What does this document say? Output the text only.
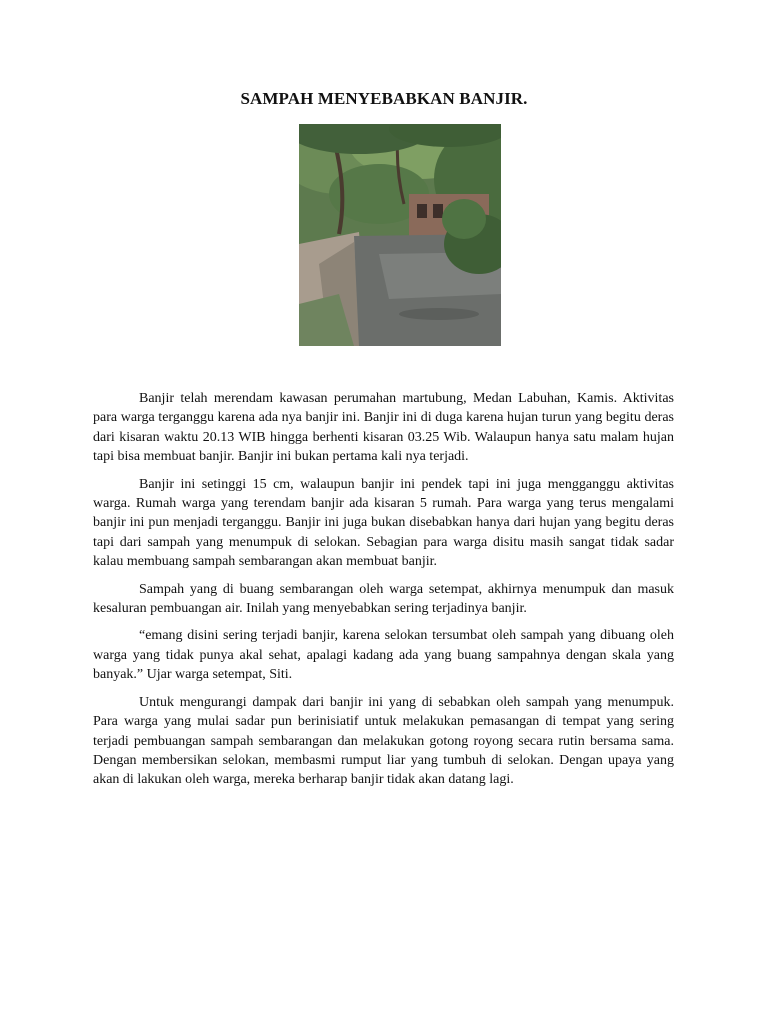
SAMPAH MENYEBABKAN BANJIR.

Banjir telah merendam kawasan perumahan martubung, Medan Labuhan, Kamis. Aktivitas para warga terganggu karena ada nya banjir ini. Banjir ini di duga karena hujan turun yang begitu deras dari kisaran waktu 20.13 WIB hingga berhenti kisaran 03.25 Wib. Walaupun hanya satu malam hujan tapi bisa membuat banjir. Banjir ini bukan pertama kali nya terjadi.

Banjir ini setinggi 15 cm, walaupun banjir ini pendek tapi ini juga mengganggu aktivitas warga. Rumah warga yang terendam banjir ada kisaran 5 rumah. Para warga yang terus mengalami banjir ini pun menjadi terganggu. Banjir ini juga bukan disebabkan hanya dari hujan yang begitu deras tapi dari sampah yang menumpuk di selokan. Sebagian para warga disitu masih sangat tidak sadar kalau membuang sampah sembarangan akan membuat banjir.

Sampah yang di buang sembarangan oleh warga setempat, akhirnya menumpuk dan masuk kesaluran pembuangan air. Inilah yang menyebabkan sering terjadinya banjir.

“emang disini sering terjadi banjir, karena selokan tersumbat oleh sampah yang dibuang oleh warga yang tidak punya akal sehat, apalagi kadang ada yang buang sampahnya dengan skala yang banyak.” Ujar warga setempat, Siti.

Untuk mengurangi dampak dari banjir ini yang di sebabkan oleh sampah yang menumpuk. Para warga yang mulai sadar pun berinisiatif untuk melakukan pemasangan di tempat yang sering terjadi pembuangan sampah sembarangan dan melakukan gotong royong secara rutin bersama sama. Dengan membersikan selokan, membasmi rumput liar yang tumbuh di selokan. Dengan upaya yang akan di lakukan oleh warga, mereka berharap banjir tidak akan datang lagi.
